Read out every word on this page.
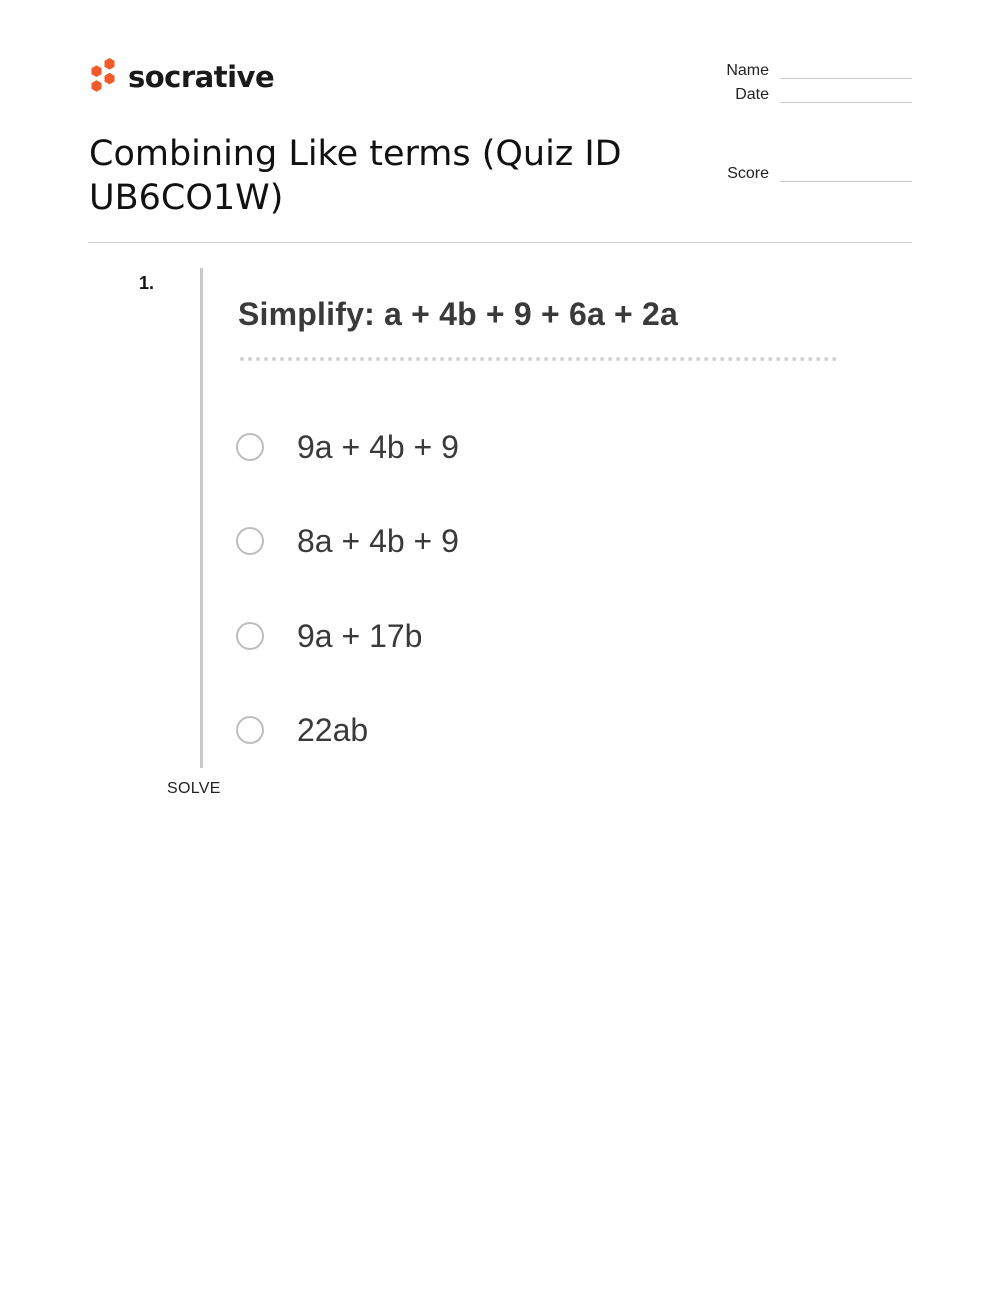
socrative
Combining Like terms (Quiz ID UB6CO1W)
Name
Date
Score
1.
Simplify: a + 4b + 9 + 6a + 2a
9a + 4b + 9
8a + 4b + 9
9a + 17b
22ab
SOLVE
